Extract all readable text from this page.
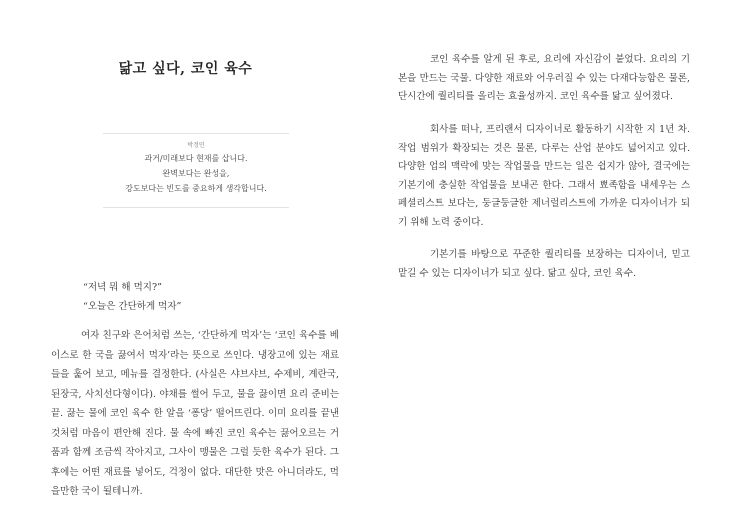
닮고 싶다, 코인 육수
박정민
과거/미래보다 현재를 삽니다.
완벽보다는 완성을,
강도보다는 빈도를 중요하게 생각합니다.
“저녁 뭐 해 먹지?”
“오늘은 간단하게 먹자”
여자 친구와 은어처럼 쓰는, ‘간단하게 먹자’는 ‘코인 육수를 베이스로 한 국을 끓여서 먹자’라는 뜻으로 쓰인다. 냉장고에 있는 재료들을 훑어 보고, 메뉴를 결정한다. (사실은 샤브샤브, 수제비, 계란국, 된장국, 사치선다형이다). 야채를 썰어 두고, 물을 끓이면 요리 준비는 끝. 끓는 물에 코인 육수 한 알을 ‘퐁당’ 떨어뜨린다. 이미 요리를 끝낸 것처럼 마음이 편안해 진다. 물 속에 빠진 코인 육수는 끓어오르는 거품과 함께 조금씩 작아지고, 그사이 맹물은 그럴 듯한 육수가 된다. 그 후에는 어떤 재료를 넣어도, 걱정이 없다. 대단한 맛은 아니더라도, 먹을만한 국이 될테니까.
코인 육수를 알게 된 후로, 요리에 자신감이 붙었다. 요리의 기본을 만드는 국물. 다양한 재료와 어우러질 수 있는 다재다능함은 물론, 단시간에 퀄리티를 올리는 효율성까지. 코인 육수를 닮고 싶어졌다.
회사를 떠나, 프리랜서 디자이너로 활동하기 시작한 지 1년 차. 작업 범위가 확장되는 것은 물론, 다루는 산업 분야도 넓어지고 있다. 다양한 업의 맥락에 맞는 작업물을 만드는 일은 쉽지가 않아, 결국에는 기본기에 충실한 작업물을 보내곤 한다. 그래서 뾰족함을 내세우는 스페셜리스트 보다는, 둥글둥글한 제너럴리스트에 가까운 디자이너가 되기 위해 노력 중이다.
기본기를 바탕으로 꾸준한 퀄리티를 보장하는 디자이너, 믿고 맡길 수 있는 디자이너가 되고 싶다. 닮고 싶다, 코인 육수.
